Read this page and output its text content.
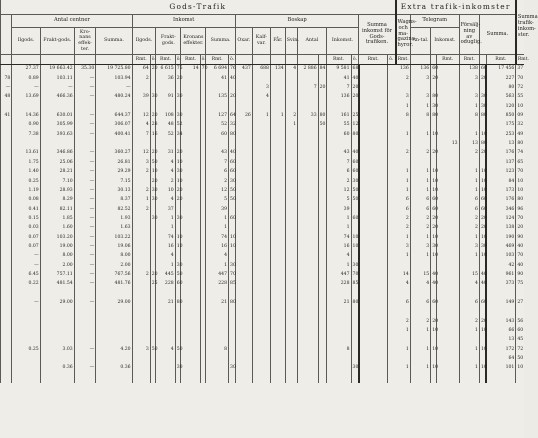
Gods-Trafik																							Extra trafik-inkomster							Summa trafik-inkom-ster.
	Antal centner				Inkomst								Boskap								Summa inkomst för Gods-trafiken.		Wagns-och ma-gazins-hyror.	Telegram			Försälj-ning av oduglig.	Summa.		
	Ilgods.	Frakt-gods.	Kro-nans effek-ter.	Summa.	Ilgods.		Frakt-gods.		Kronans effekter.		Summa.		Oxar.	Kalf-var.	Får.	Svin.	Antal		Inkomst.					An-tal.	Inkomst.					
					Rmt.	ö.	Rmt.	ö.	Rmt.	ö.	Rmt.	ö.							Rmt.	ö.	Rmt.	ö.	Rmt.			Rmt.	Rmt.		Rmt.	Rmt.
	27.37	19 663.42	35.30	19 725.80	64	20	6 615	75	14	70	6 694	76	437	688	134	4	2 886	84	9 581	68		136		136	60		138	60	17 456	37
78	0.89	103.11	—	103.94	2		36	20			41	40							41	40		2		3	20		3	20	227	70
—	—	—	—	—										3			7	20	7	20									80	72
48	13.69	466.36	—	480.24	39	30	91	30			135	20		4					136	20		3		3	80		3	30	563	55
																						1		1	30		1	30	120	10
41	14.36	630.01	—	644.37	12	20	108	30			127	64	26	1	1	2	33	80	161	25		8		8	80		8	80	850	09
	0.90	305.99	—	306.07	4	28	48	52			52	32				1		50	55	12									175	32
	7.38	393.63	—	400.41	7	16	52	34			60	80							60	80		1		1	10		1	10	253	49
																										13	13	80	13	80
	13.61	346.86	—	360.27	12	20	31	20			43	40							43	40		2		2	20		2	20	176	74
	1.75	25.06	—	26.81	3	50	4	10			7	60							7	60									137	65
	1.40	28.21	—	29.29	2	10	4	30			6	60							6	60		1		1	10		1	10	123	70
	0.25	7.10	—	7.15		20	2	10			2	30							2	30		1		1	10		1	10	84	10
	1.19	28.93	—	30.13	2	30	10	20			12	50							12	50		1		1	10		1	10	173	10
	0.08	8.29	—	8.37	1	30	4	20			5	50							5	50		6		6	60		6	60	176	80
	0.41	82.11	—	82.52	2		37				39								39			6		6	60		6	60	346	96
	0.15	1.85	—	1.93		30	1	30			1	60							1	60		2		2	20		2	20	124	70
	0.03	1.60	—	1.63			1				1								1			2		2	20		2	20	138	20
	0.07	103.20	—	103.22			74	10			74	10							74	10		1		1	10		1	10	190	90
	0.07	19.00	—	19.06			16	10			16	10							16	10		3		3	30		3	30	469	40
	—	8.00	—	8.00			4				4								4			1		1	10		1	10	103	70
	—	2.00	—	2.00			1	30			1	30							1	30									42	40
	6.45	757.11	—	767.56	2	20	445	50			447	70							447	70		14		15	40		15	40	961	90
	0.22	481.54	—	481.76		25	228	60			228	85							228	85		4		4	40		4	40	373	75

	—	29.00	—	29.00			21	80			21	80							21	80		6		6	60		6	60	149	27

																						2		2	20		2	20	143	56
																						1		1	10		1	10	66	60
																													13	45
	0.25	3.03	—	4.20	3	50	4	50			8								8			1		1	10		1	10	172	72
																													64	50
		0.36	—	0.36				30				30								30		1		1	10		1	10	101	10
